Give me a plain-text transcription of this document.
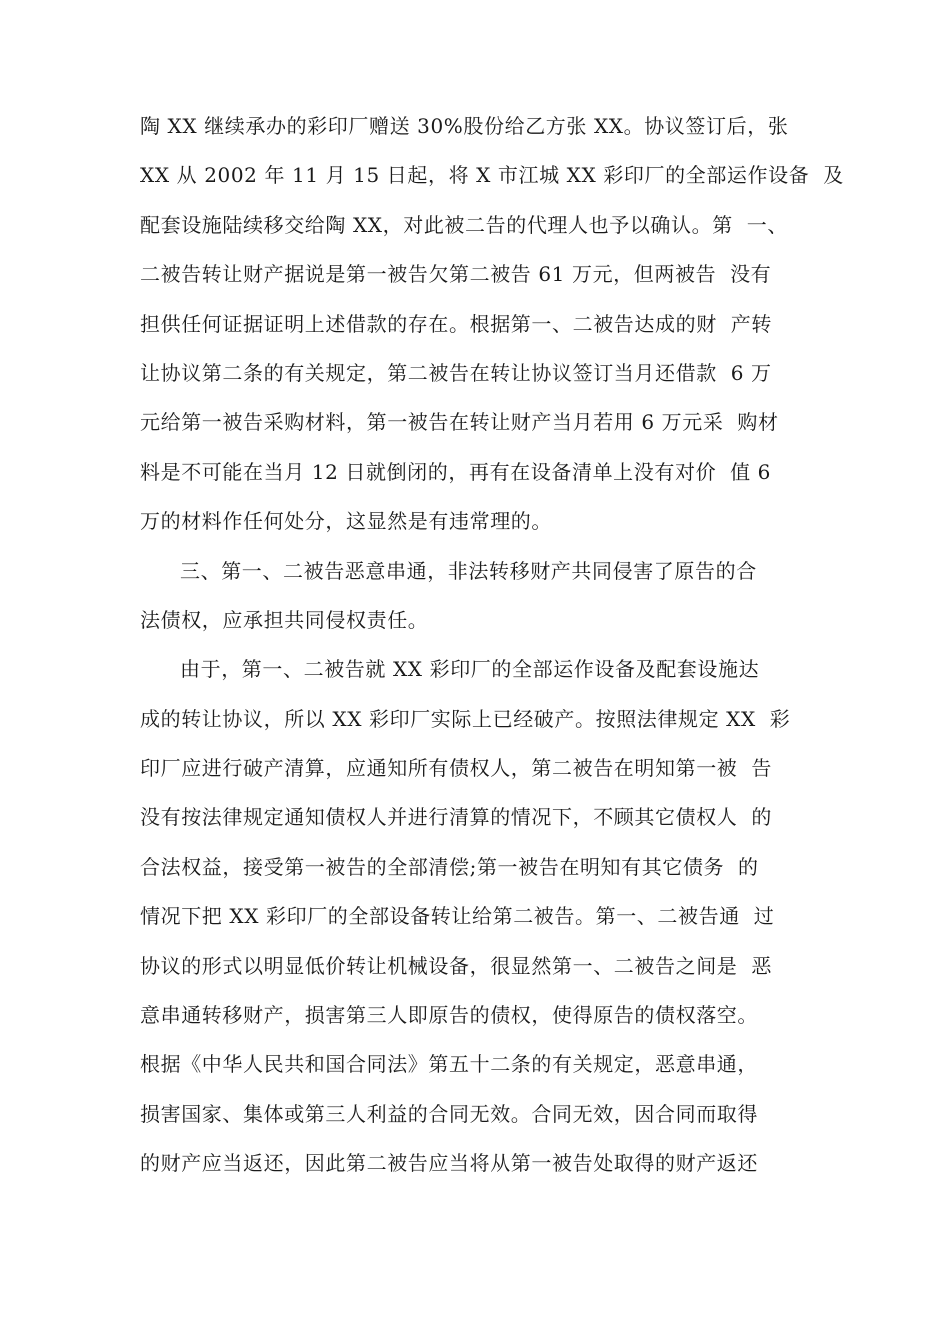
陶 XX 继续承办的彩印厂赠送 30%股份给乙方张 XX。协议签订后，张
XX 从 2002 年 11 月 15 日起，将 X 市江城 XX 彩印厂的全部运作设备  及
配套设施陆续移交给陶 XX，对此被二告的代理人也予以确认。第  一、
二被告转让财产据说是第一被告欠第二被告 61 万元，但两被告  没有
担供任何证据证明上述借款的存在。根据第一、二被告达成的财  产转
让协议第二条的有关规定，第二被告在转让协议签订当月还借款  6 万
元给第一被告采购材料，第一被告在转让财产当月若用 6 万元采  购材
料是不可能在当月 12 日就倒闭的，再有在设备清单上没有对价  值 6
万的材料作任何处分，这显然是有违常理的。
三、第一、二被告恶意串通，非法转移财产共同侵害了原告的合
法债权，应承担共同侵权责任。
由于，第一、二被告就 XX 彩印厂的全部运作设备及配套设施达
成的转让协议，所以 XX 彩印厂实际上已经破产。按照法律规定 XX  彩
印厂应进行破产清算，应通知所有债权人，第二被告在明知第一被  告
没有按法律规定通知债权人并进行清算的情况下，不顾其它债权人  的
合法权益，接受第一被告的全部清偿;第一被告在明知有其它债务  的
情况下把 XX 彩印厂的全部设备转让给第二被告。第一、二被告通  过
协议的形式以明显低价转让机械设备，很显然第一、二被告之间是  恶
意串通转移财产，损害第三人即原告的债权，使得原告的债权落空。
根据《中华人民共和国合同法》第五十二条的有关规定，恶意串通，
损害国家、集体或第三人利益的合同无效。合同无效，因合同而取得
的财产应当返还，因此第二被告应当将从第一被告处取得的财产返还
